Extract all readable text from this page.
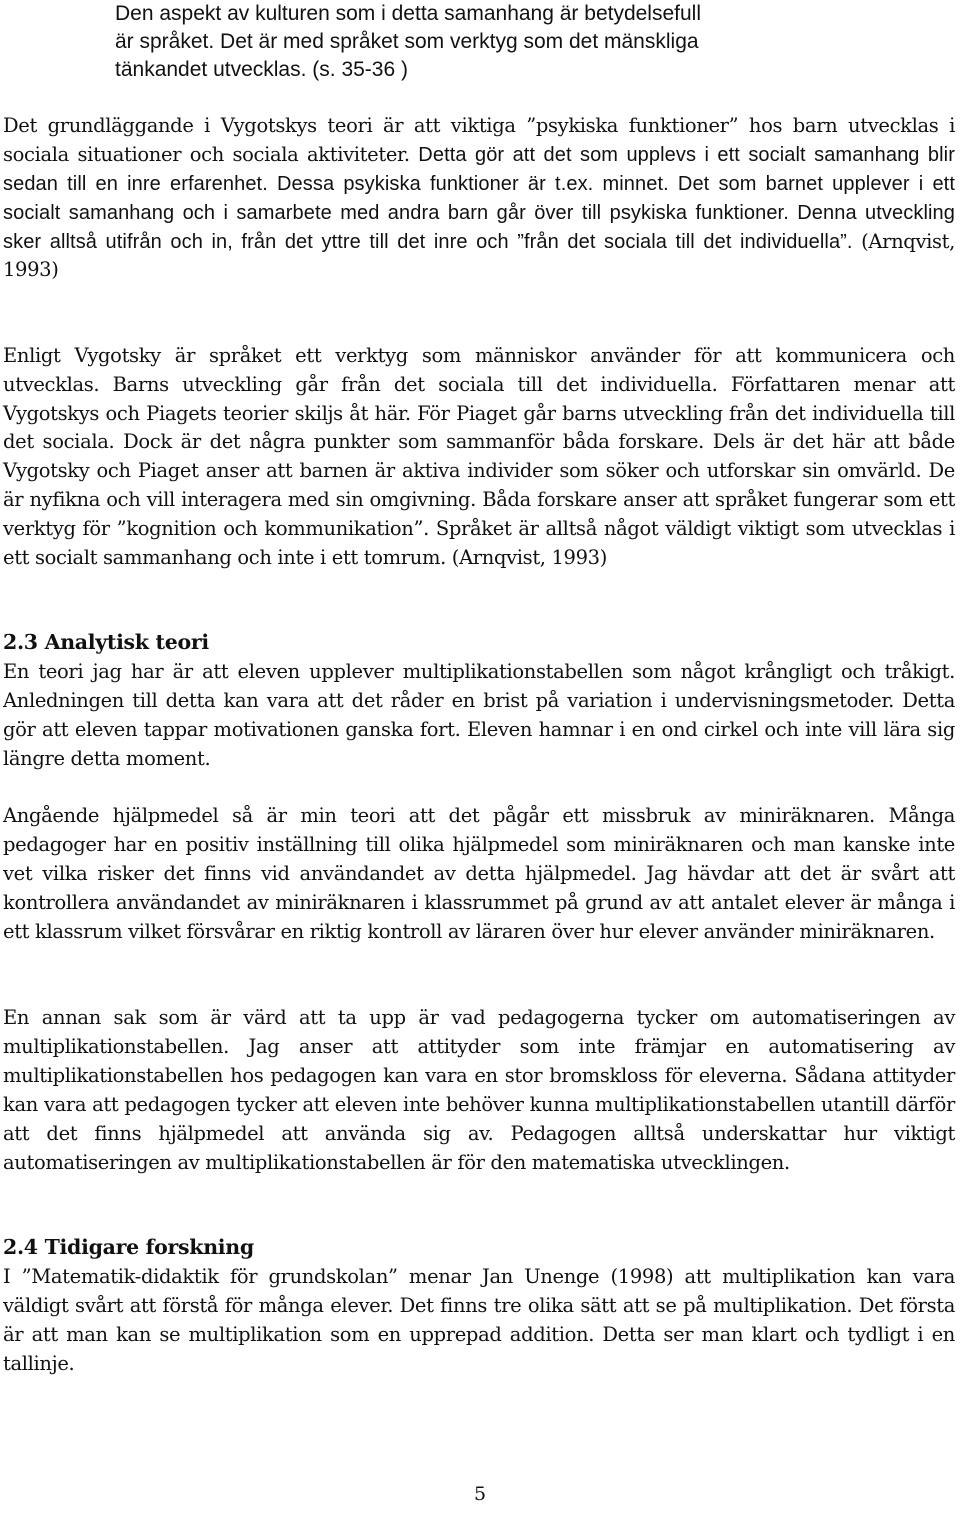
Den aspekt av kulturen som i detta samanhang är betydelsefull
är språket. Det är med språket som verktyg som det mänskliga
tänkandet utvecklas. (s. 35-36 )

Det grundläggande i Vygotskys teori är att viktiga ”psykiska funktioner” hos barn utvecklas i sociala situationer och sociala aktiviteter. Detta gör att det som upplevs i ett socialt samanhang blir sedan till en inre erfarenhet. Dessa psykiska funktioner är t.ex. minnet. Det som barnet upplever i ett socialt samanhang och i samarbete med andra barn går över till psykiska funktioner. Denna utveckling sker alltså utifrån och in, från det yttre till det inre och ”från det sociala till det individuella”. (Arnqvist, 1993)

Enligt Vygotsky är språket ett verktyg som människor använder för att kommunicera och utvecklas. Barns utveckling går från det sociala till det individuella. Författaren menar att Vygotskys och Piagets teorier skiljs åt här. För Piaget går barns utveckling från det individuella till det sociala. Dock är det några punkter som sammanför båda forskare. Dels är det här att både Vygotsky och Piaget anser att barnen är aktiva individer som söker och utforskar sin omvärld. De är nyfikna och vill interagera med sin omgivning. Båda forskare anser att språket fungerar som ett verktyg för ”kognition och kommunikation”. Språket är alltså något väldigt viktigt som utvecklas i ett socialt sammanhang och inte i ett tomrum. (Arnqvist, 1993)

2.3 Analytisk teori

En teori jag har är att eleven upplever multiplikationstabellen som något krångligt och tråkigt. Anledningen till detta kan vara att det råder en brist på variation i undervisningsmetoder. Detta gör att eleven tappar motivationen ganska fort. Eleven hamnar i en ond cirkel och inte vill lära sig längre detta moment.

Angående hjälpmedel så är min teori att det pågår ett missbruk av miniräknaren. Många pedagoger har en positiv inställning till olika hjälpmedel som miniräknaren och man kanske inte vet vilka risker det finns vid användandet av detta hjälpmedel. Jag hävdar att det är svårt att kontrollera användandet av miniräknaren i klassrummet på grund av att antalet elever är många i ett klassrum vilket försvårar en riktig kontroll av läraren över hur elever använder miniräknaren.

En annan sak som är värd att ta upp är vad pedagogerna tycker om automatiseringen av multiplikationstabellen. Jag anser att attityder som inte främjar en automatisering av multiplikationstabellen hos pedagogen kan vara en stor bromskloss för eleverna. Sådana attityder kan vara att pedagogen tycker att eleven inte behöver kunna multiplikationstabellen utantill därför att det finns hjälpmedel att använda sig av. Pedagogen alltså underskattar hur viktigt automatiseringen av multiplikationstabellen är för den matematiska utvecklingen.

2.4 Tidigare forskning

I ”Matematik-didaktik för grundskolan” menar Jan Unenge (1998) att multiplikation kan vara väldigt svårt att förstå för många elever. Det finns tre olika sätt att se på multiplikation. Det första är att man kan se multiplikation som en upprepad addition. Detta ser man klart och tydligt i en tallinje.

5
